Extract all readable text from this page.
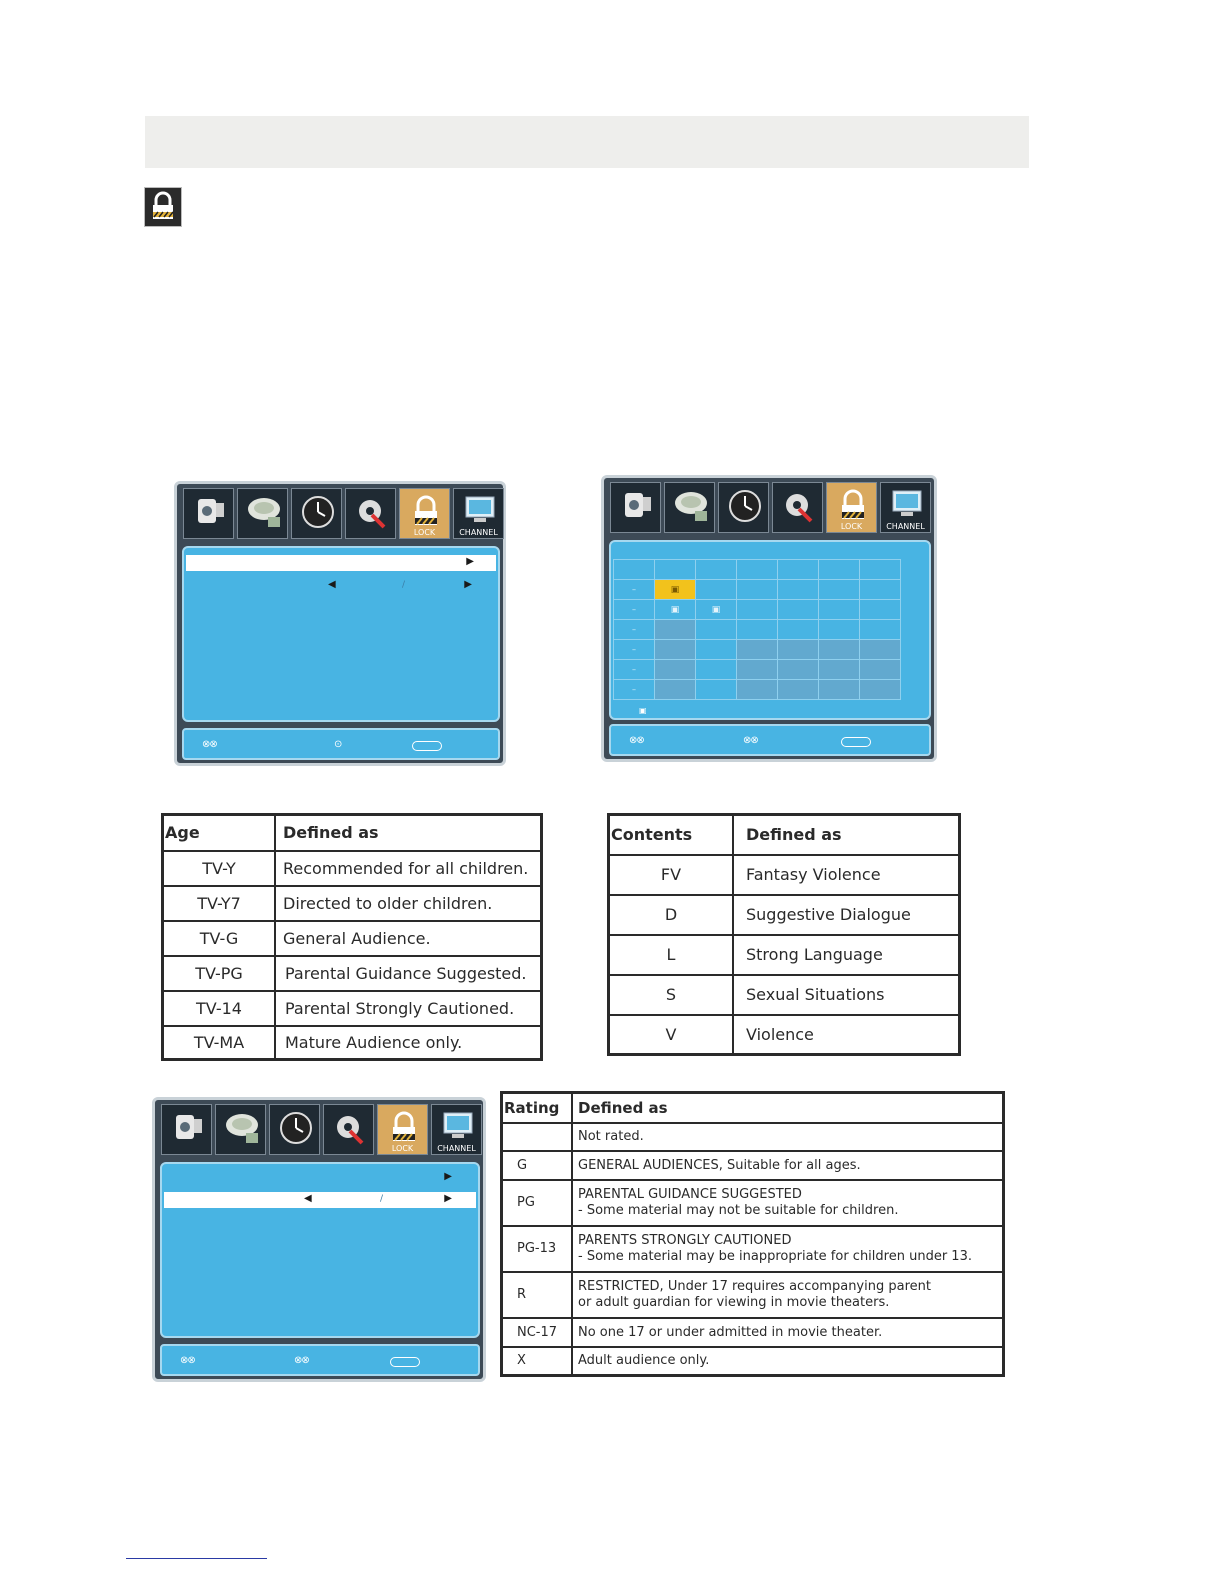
LOCK	CHANNEL
▶
◀	/	▶
⊗⊗	⊙
LOCK	CHANNEL

–	▣					
–	▣	▣				
–						
–						
–						
–						
▣
⊗⊗	⊗⊗
LOCK	CHANNEL
▶
◀	/	▶
⊗⊗	⊗⊗
Age	Defined as
TV-Y	Recommended for all children.
TV-Y7	Directed to older children.
TV-G	General Audience.
TV-PG	Parental Guidance Suggested.
TV-14	Parental Strongly Cautioned.
TV-MA	Mature Audience only.
Contents	Defined as
FV	Fantasy Violence
D	Suggestive Dialogue
L	Strong Language
S	Sexual Situations
V	Violence
Rating	Defined as
	Not rated.
G	GENERAL AUDIENCES, Suitable for all ages.
PG	PARENTAL GUIDANCE SUGGESTED
- Some material may not be suitable for children.

PG-13	PARENTS STRONGLY CAUTIONED
- Some material may be inappropriate for children under 13.

R	RESTRICTED, Under 17 requires accompanying parent
or adult guardian for viewing in movie theaters.

NC-17	No one 17 or under admitted in movie theater.
X	Adult audience only.
